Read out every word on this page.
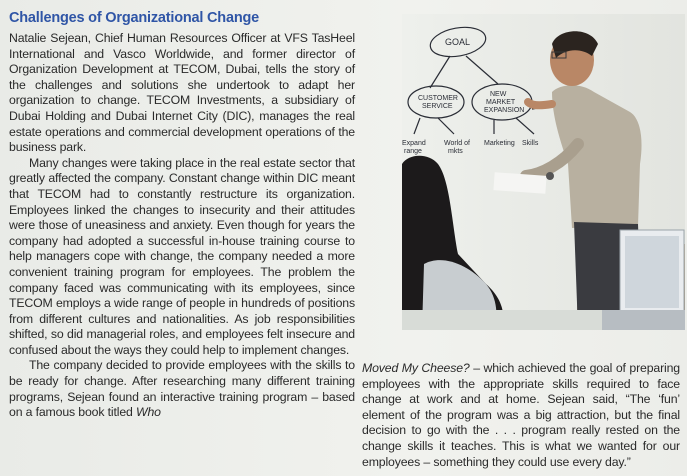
Challenges of Organizational Change

Natalie Sejean, Chief Human Resources Officer at VFS TasHeel International and Vasco Worldwide, and former director of Organization Development at TECOM, Dubai, tells the story of the challenges and solutions she undertook to adapt her organization to change. TECOM Investments, a subsidiary of Dubai Holding and Dubai Internet City (DIC), manages the real estate operations and commercial development operations of the business park.

Many changes were taking place in the real estate sector that greatly affected the company. Constant change within DIC meant that TECOM had to constantly restructure its organization. Employees linked the changes to insecurity and their attitudes were those of uneasiness and anxiety. Even though for years the company had adopted a successful in-house training course to help managers cope with change, the company needed a more convenient training program for employees. The problem the company faced was communicating with its employees, since TECOM employs a wide range of people in hundreds of positions from different cultures and nationalities. As job responsibilities shifted, so did managerial roles, and employees felt insecure and confused about the ways they could help to implement changes.

The company decided to provide employees with the skills to be ready for change. After researching many different training programs, Sejean found an interactive training program – based on a famous book titled Who

GOAL
CUSTOMER
SERVICE
NEW
MARKET
EXPANSION
Expand
range
World of
mkts
Marketing Skills

Moved My Cheese? – which achieved the goal of preparing employees with the appropriate skills required to face change at work and at home. Sejean said, “The ‘fun’ element of the program was a big attraction, but the final decision to go with the . . . program really rested on the change skills it teaches. This is what we wanted for our employees – something they could use every day.”
